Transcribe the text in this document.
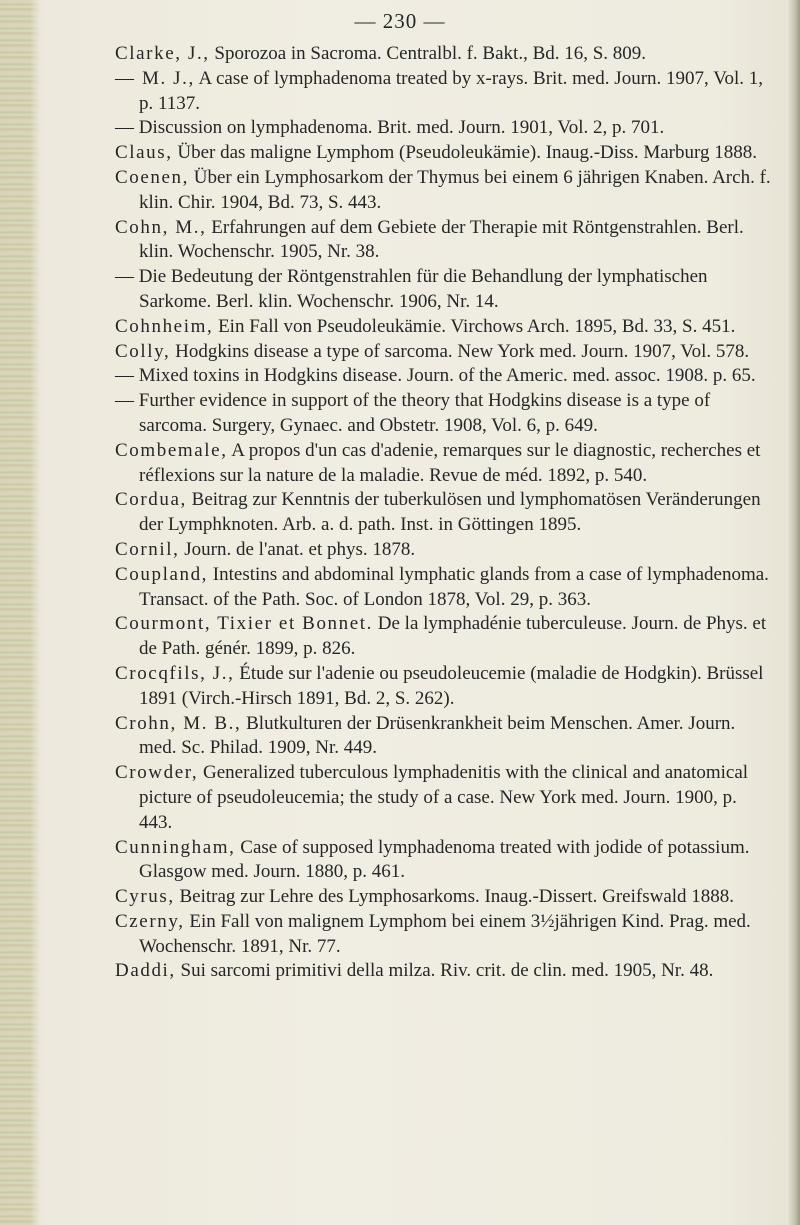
— 230 —

Clarke, J., Sporozoa in Sacroma. Centralbl. f. Bakt., Bd. 16, S. 809.

— M. J., A case of lymphadenoma treated by x-rays. Brit. med. Journ. 1907, Vol. 1, p. 1137.

— Discussion on lymphadenoma. Brit. med. Journ. 1901, Vol. 2, p. 701.

Claus, Über das maligne Lymphom (Pseudoleukämie). Inaug.-Diss. Marburg 1888.

Coenen, Über ein Lymphosarkom der Thymus bei einem 6 jährigen Knaben. Arch. f. klin. Chir. 1904, Bd. 73, S. 443.

Cohn, M., Erfahrungen auf dem Gebiete der Therapie mit Röntgenstrahlen. Berl. klin. Wochenschr. 1905, Nr. 38.

— Die Bedeutung der Röntgenstrahlen für die Behandlung der lymphatischen Sarkome. Berl. klin. Wochenschr. 1906, Nr. 14.

Cohnheim, Ein Fall von Pseudoleukämie. Virchows Arch. 1895, Bd. 33, S. 451.

Colly, Hodgkins disease a type of sarcoma. New York med. Journ. 1907, Vol. 578.

— Mixed toxins in Hodgkins disease. Journ. of the Americ. med. assoc. 1908. p. 65.

— Further evidence in support of the theory that Hodgkins disease is a type of sarcoma. Surgery, Gynaec. and Obstetr. 1908, Vol. 6, p. 649.

Combemale, A propos d'un cas d'adenie, remarques sur le diagnostic, recherches et réflexions sur la nature de la maladie. Revue de méd. 1892, p. 540.

Cordua, Beitrag zur Kenntnis der tuberkulösen und lymphomatösen Veränderungen der Lymphknoten. Arb. a. d. path. Inst. in Göttingen 1895.

Cornil, Journ. de l'anat. et phys. 1878.

Coupland, Intestins and abdominal lymphatic glands from a case of lymphadenoma. Transact. of the Path. Soc. of London 1878, Vol. 29, p. 363.

Courmont, Tixier et Bonnet. De la lymphadénie tuberculeuse. Journ. de Phys. et de Path. génér. 1899, p. 826.

Crocqfils, J., Étude sur l'adenie ou pseudoleucemie (maladie de Hodgkin). Brüssel 1891 (Virch.-Hirsch 1891, Bd. 2, S. 262).

Crohn, M. B., Blutkulturen der Drüsenkrankheit beim Menschen. Amer. Journ. med. Sc. Philad. 1909, Nr. 449.

Crowder, Generalized tuberculous lymphadenitis with the clinical and anatomical picture of pseudoleucemia; the study of a case. New York med. Journ. 1900, p. 443.

Cunningham, Case of supposed lymphadenoma treated with jodide of potassium. Glasgow med. Journ. 1880, p. 461.

Cyrus, Beitrag zur Lehre des Lymphosarkoms. Inaug.-Dissert. Greifswald 1888.

Czerny, Ein Fall von malignem Lymphom bei einem 3½jährigen Kind. Prag. med. Wochenschr. 1891, Nr. 77.

Daddi, Sui sarcomi primitivi della milza. Riv. crit. de clin. med. 1905, Nr. 48.
